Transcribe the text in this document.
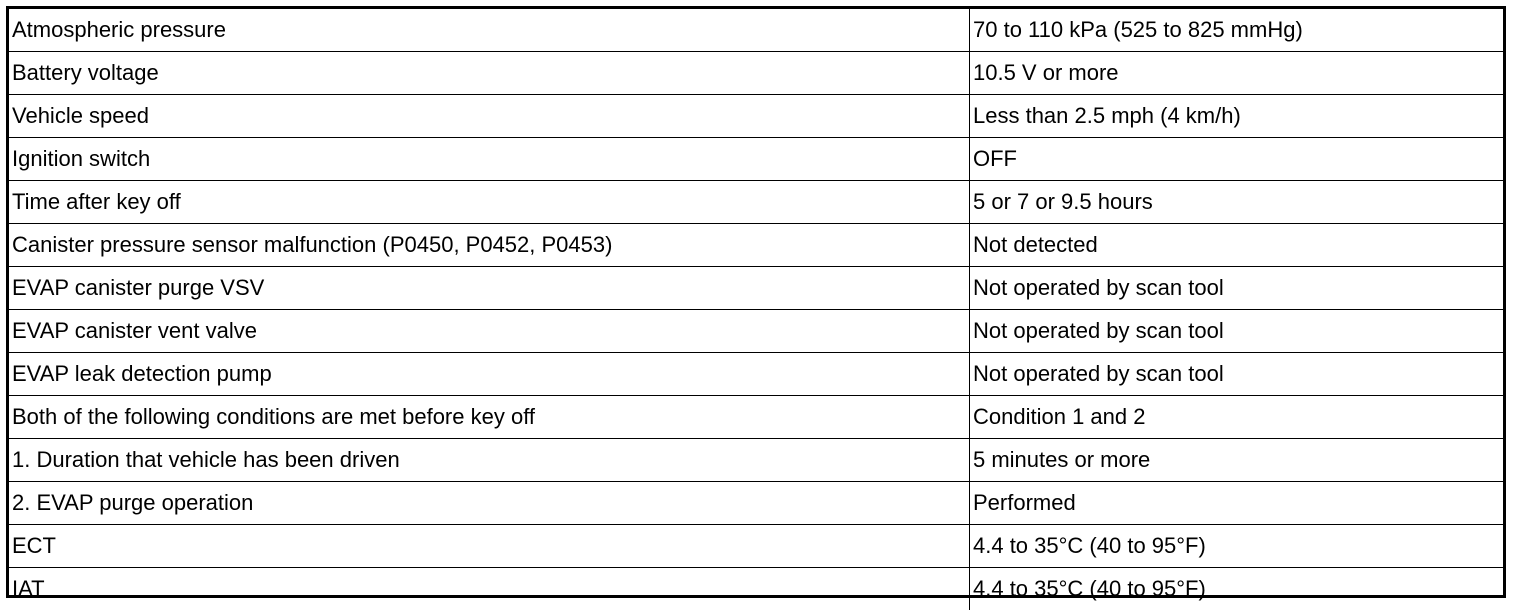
Atmospheric pressure	70 to 110 kPa (525 to 825 mmHg)
Battery voltage	10.5 V or more
Vehicle speed	Less than 2.5 mph (4 km/h)
Ignition switch	OFF
Time after key off	5 or 7 or 9.5 hours
Canister pressure sensor malfunction (P0450, P0452, P0453)	Not detected
EVAP canister purge VSV	Not operated by scan tool
EVAP canister vent valve	Not operated by scan tool
EVAP leak detection pump	Not operated by scan tool
Both of the following conditions are met before key off	Condition 1 and 2
1. Duration that vehicle has been driven	5 minutes or more
2. EVAP purge operation	Performed
ECT	4.4 to 35°C (40 to 95°F)
IAT	4.4 to 35°C (40 to 95°F)
